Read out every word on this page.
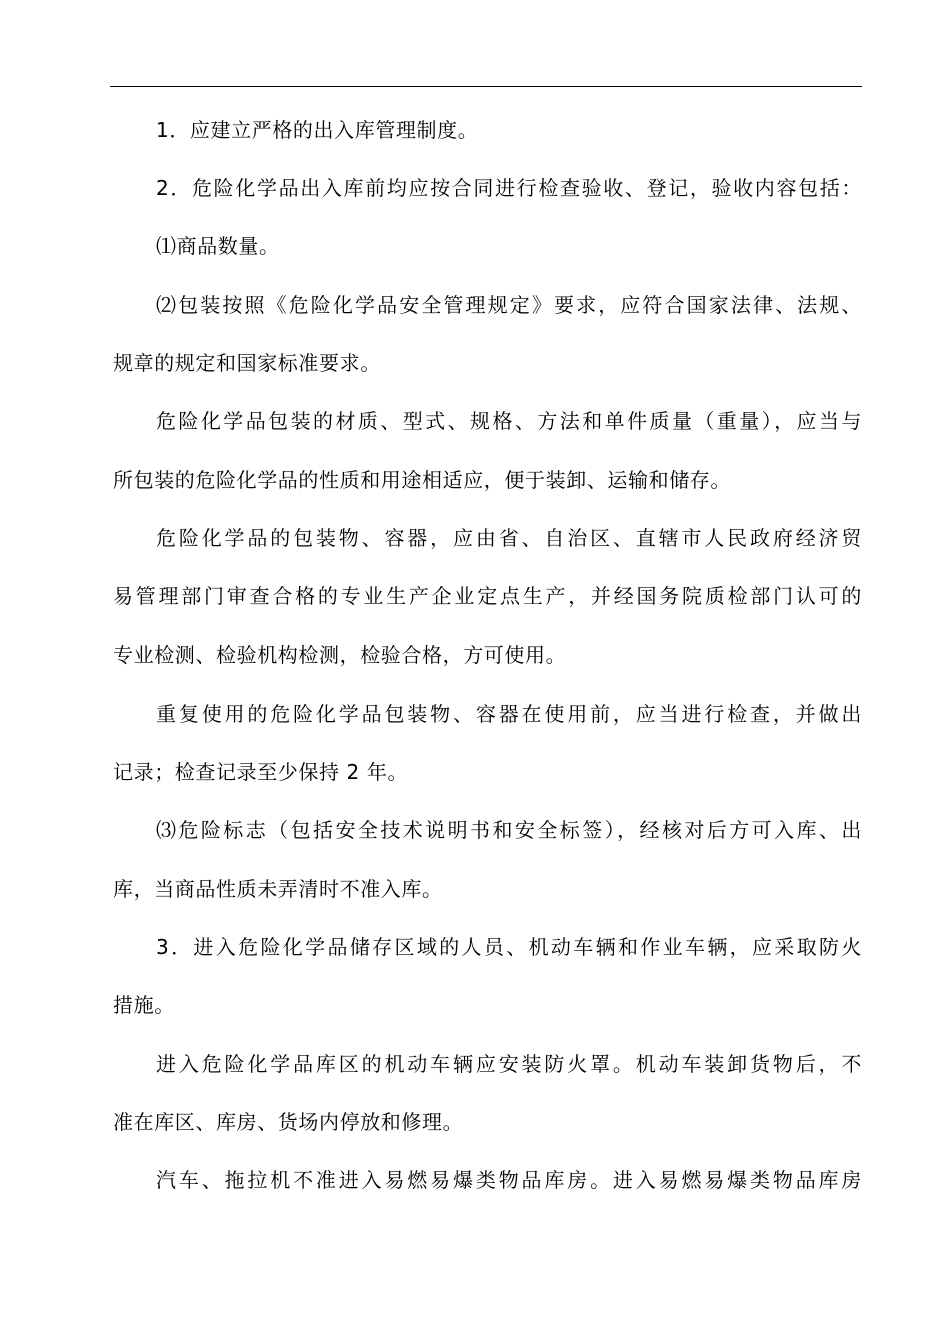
1．应建立严格的出入库管理制度。
2．危险化学品出入库前均应按合同进行检查验收、登记，验收内容包括：
⑴商品数量。
⑵包装按照《危险化学品安全管理规定》要求，应符合国家法律、法规、
规章的规定和国家标准要求。
危险化学品包装的材质、型式、规格、方法和单件质量（重量），应当与
所包装的危险化学品的性质和用途相适应，便于装卸、运输和储存。
危险化学品的包装物、容器，应由省、自治区、直辖市人民政府经济贸
易管理部门审查合格的专业生产企业定点生产，并经国务院质检部门认可的
专业检测、检验机构检测，检验合格，方可使用。
重复使用的危险化学品包装物、容器在使用前，应当进行检查，并做出
记录；检查记录至少保持 2 年。
⑶危险标志（包括安全技术说明书和安全标签），经核对后方可入库、出
库，当商品性质未弄清时不准入库。
3．进入危险化学品储存区域的人员、机动车辆和作业车辆，应采取防火
措施。
进入危险化学品库区的机动车辆应安装防火罩。机动车装卸货物后，不
准在库区、库房、货场内停放和修理。
汽车、拖拉机不准进入易燃易爆类物品库房。进入易燃易爆类物品库房
